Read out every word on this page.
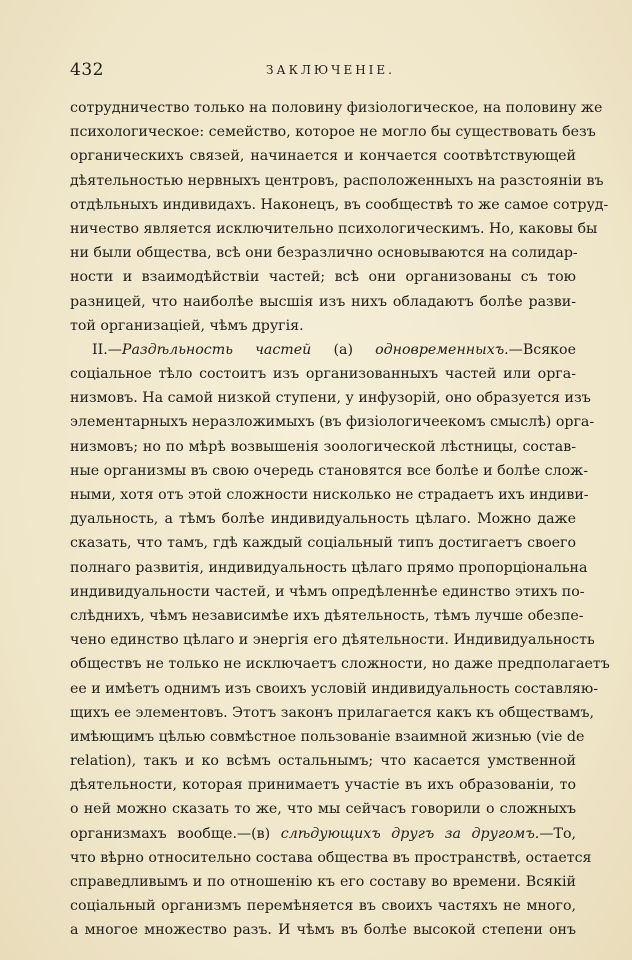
432	ЗАКЛЮЧЕНІЕ.
сотрудничество только на половину физіологическое, на половину же
психологическое: семейство, которое не могло бы существовать безъ
органическихъ связей, начинается и кончается соотвѣтствующей
дѣятельностью нервныхъ центровъ, расположенныхъ на разстояніи въ
отдѣльныхъ индивидахъ. Наконецъ, въ сообществѣ то же самое сотруд-
ничество является исключительно психологическимъ. Но, каковы бы
ни были общества, всѣ они безразлично основываются на солидар-
ности и взаимодѣйствіи частей; всѣ они организованы съ тою
разницей, что наиболѣе высшія изъ нихъ обладаютъ болѣе разви-
той организаціей, чѣмъ другія.
II.—Раздѣльность частей (а) одновременныхъ.—Всякое
соціальное тѣло состоитъ изъ организованныхъ частей или орга-
низмовъ. На самой низкой ступени, у инфузорій, оно образуется изъ
элементарныхъ неразложимыхъ (въ физіологичеекомъ смыслѣ) орга-
низмовъ; но по мѣрѣ возвышенія зоологической лѣстницы, состав-
ные организмы въ свою очередь становятся все болѣе и болѣе слож-
ными, хотя отъ этой сложности нисколько не страдаетъ ихъ индиви-
дуальность, а тѣмъ болѣе индивидуальность цѣлаго. Можно даже
сказать, что тамъ, гдѣ каждый соціальный типъ достигаетъ своего
полнаго развитія, индивидуальность цѣлаго прямо пропорціональна
индивидуальности частей, и чѣмъ опредѣленнѣе единство этихъ по-
слѣднихъ, чѣмъ независимѣе ихъ дѣятельность, тѣмъ лучше обезпе-
чено единство цѣлаго и энергія его дѣятельности. Индивидуальность
обществъ не только не исключаетъ сложности, но даже предполагаетъ
ее и имѣетъ однимъ изъ своихъ условій индивидуальность составляю-
щихъ ее элементовъ. Этотъ законъ прилагается какъ къ обществамъ,
имѣющимъ цѣлью совмѣстное пользованіе взаимной жизнью (vie de
relation), такъ и ко всѣмъ остальнымъ; что касается умственной
дѣятельности, которая принимаетъ участіе въ ихъ образованіи, то
о ней можно сказать то же, что мы сейчасъ говорили о сложныхъ
организмахъ вообще.—(в) слѣдующихъ другъ за другомъ.—То,
что вѣрно относительно состава общества въ пространствѣ, остается
справедливымъ и по отношенію къ его составу во времени. Всякій
соціальный организмъ перемѣняется въ своихъ частяхъ не много,
а многое множество разъ. И чѣмъ въ болѣе высокой степени онъ
